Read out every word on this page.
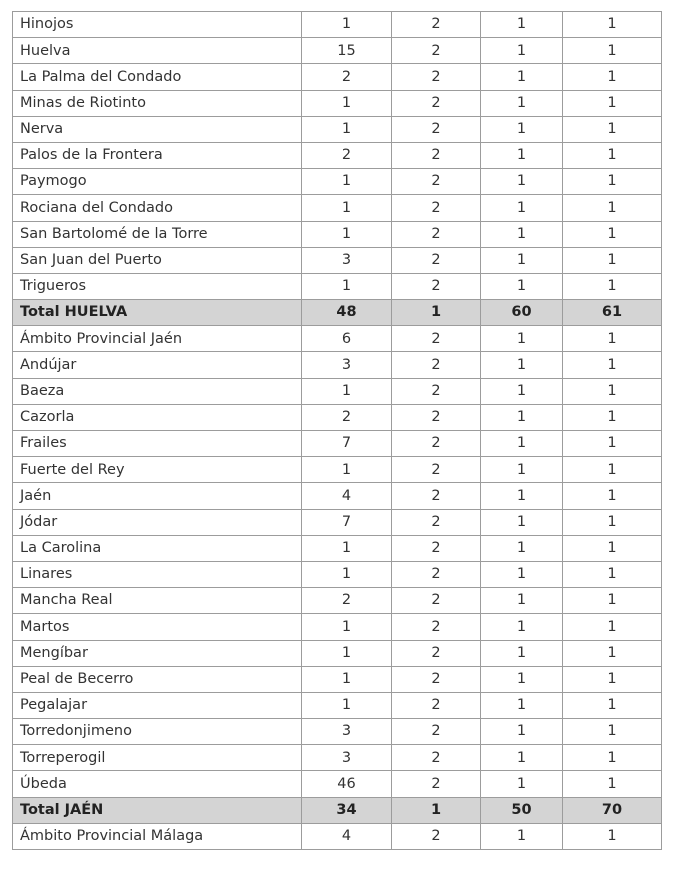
Hinojos	1	2	1	1
Huelva	15	2	1	1
La Palma del Condado	2	2	1	1
Minas de Riotinto	1	2	1	1
Nerva	1	2	1	1
Palos de la Frontera	2	2	1	1
Paymogo	1	2	1	1
Rociana del Condado	1	2	1	1
San Bartolomé de la Torre	1	2	1	1
San Juan del Puerto	3	2	1	1
Trigueros	1	2	1	1
Total HUELVA	48	1	60	61
Ámbito Provincial Jaén	6	2	1	1
Andújar	3	2	1	1
Baeza	1	2	1	1
Cazorla	2	2	1	1
Frailes	7	2	1	1
Fuerte del Rey	1	2	1	1
Jaén	4	2	1	1
Jódar	7	2	1	1
La Carolina	1	2	1	1
Linares	1	2	1	1
Mancha Real	2	2	1	1
Martos	1	2	1	1
Mengíbar	1	2	1	1
Peal de Becerro	1	2	1	1
Pegalajar	1	2	1	1
Torredonjimeno	3	2	1	1
Torreperogil	3	2	1	1
Úbeda	46	2	1	1
Total JAÉN	34	1	50	70
Ámbito Provincial Málaga	4	2	1	1
